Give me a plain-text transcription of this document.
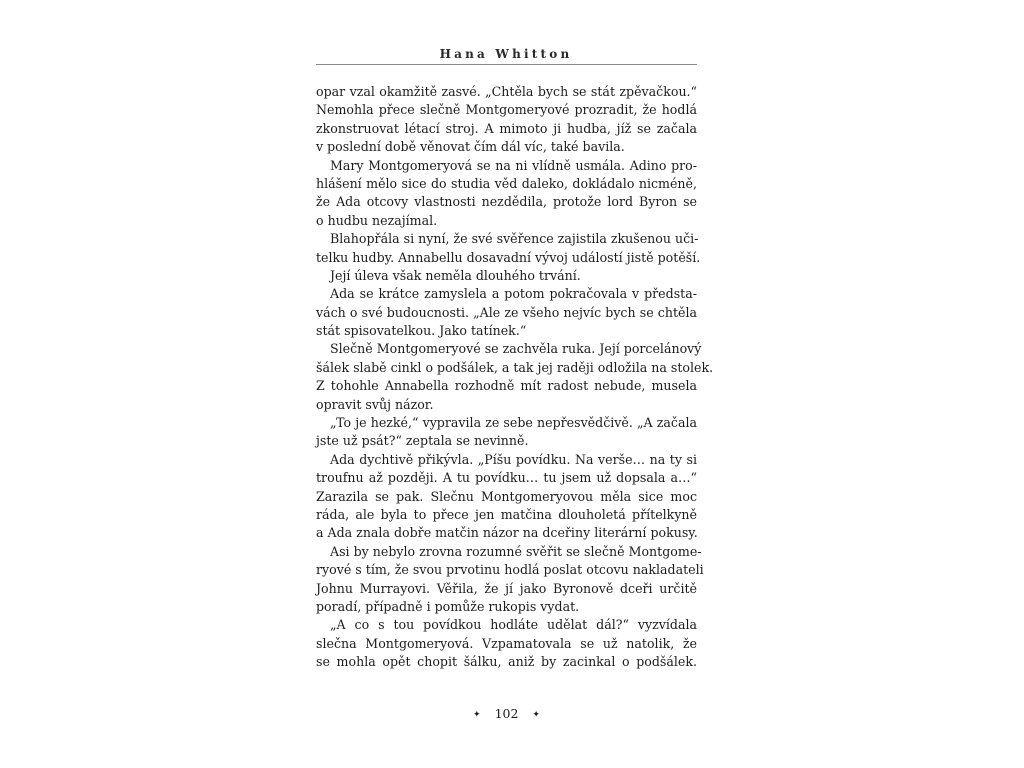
Hana Whitton
opar vzal okamžitě zasvé. „Chtěla bych se stát zpěvačkou.“
Nemohla přece slečně Montgomeryové prozradit, že hodlá
zkonstruovat létací stroj. A mimoto ji hudba, jíž se začala
v poslední době věnovat čím dál víc, také bavila.
Mary Montgomeryová se na ni vlídně usmála. Adino pro-
hlášení mělo sice do studia věd daleko, dokládalo nicméně,
že Ada otcovy vlastnosti nezdědila, protože lord Byron se
o hudbu nezajímal.
Blahopřála si nyní, že své svěřence zajistila zkušenou uči-
telku hudby. Annabellu dosavadní vývoj událostí jistě potěší.
Její úleva však neměla dlouhého trvání.
Ada se krátce zamyslela a potom pokračovala v předsta-
vách o své budoucnosti. „Ale ze všeho nejvíc bych se chtěla
stát spisovatelkou. Jako tatínek.“
Slečně Montgomeryové se zachvěla ruka. Její porcelánový
šálek slabě cinkl o podšálek, a tak jej raději odložila na stolek.
Z tohohle Annabella rozhodně mít radost nebude, musela
opravit svůj názor.
„To je hezké,“ vypravila ze sebe nepřesvědčivě. „A začala
jste už psát?“ zeptala se nevinně.
Ada dychtivě přikývla. „Píšu povídku. Na verše… na ty si
troufnu až později. A tu povídku… tu jsem už dopsala a…“
Zarazila se pak. Slečnu Montgomeryovou měla sice moc
ráda, ale byla to přece jen matčina dlouholetá přítelkyně
a Ada znala dobře matčin názor na dceřiny literární pokusy.
Asi by nebylo zrovna rozumné svěřit se slečně Montgome-
ryové s tím, že svou prvotinu hodlá poslat otcovu nakladateli
Johnu Murrayovi. Věřila, že jí jako Byronově dceři určitě
poradí, případně i pomůže rukopis vydat.
„A co s tou povídkou hodláte udělat dál?“ vyzvídala
slečna Montgomeryová. Vzpamatovala se už natolik, že
se mohla opět chopit šálku, aniž by zacinkal o podšálek.
✦ 102 ✦
